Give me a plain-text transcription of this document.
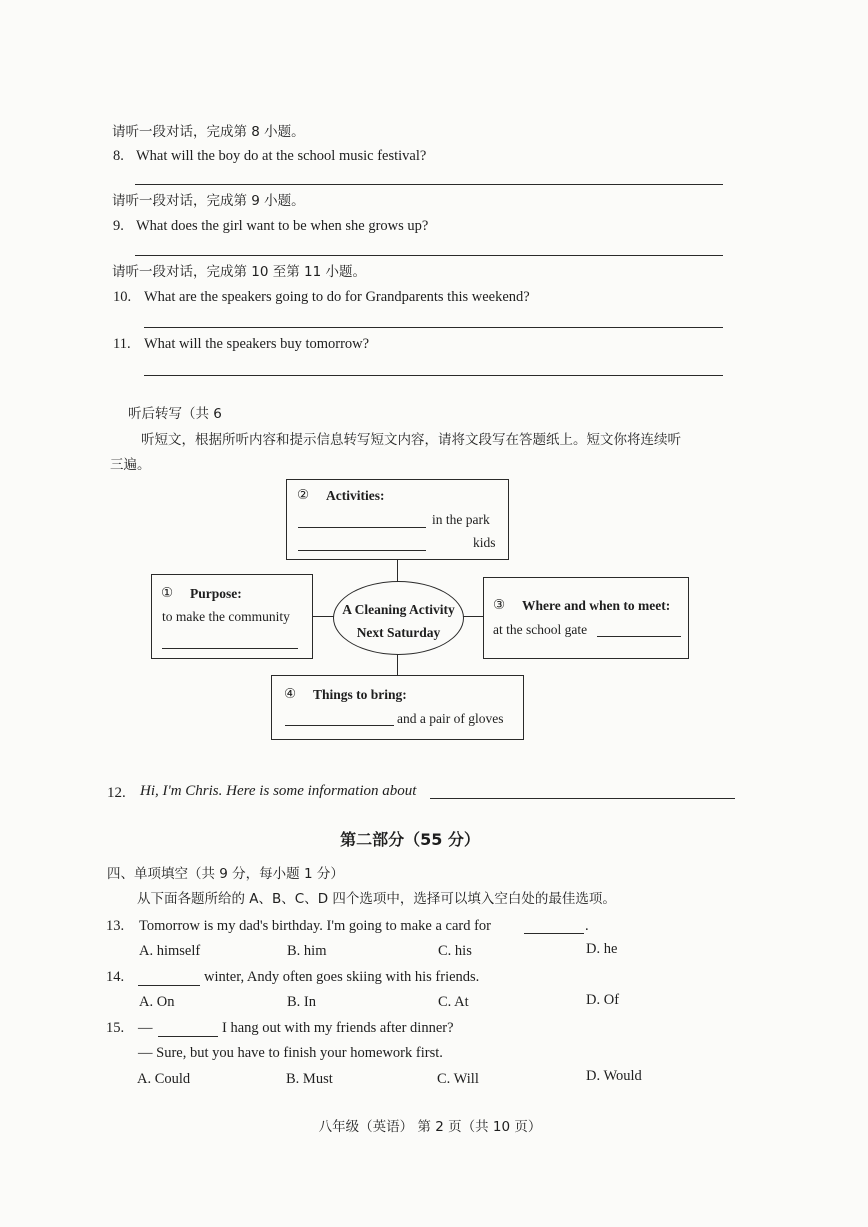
请听一段对话，完成第 8 小题。
8. What will the boy do at the school music festival?
请听一段对话，完成第 9 小题。
9. What does the girl want to be when she grows up?
请听一段对话，完成第 10 至第 11 小题。
10. What are the speakers going to do for Grandparents this weekend?
11. What will the speakers buy tomorrow?
听后转写（共 6
听短文，根据所听内容和提示信息转写短文内容，请将文段写在答题纸上。短文你将连续听
三遍。
② Activities:
in the park
kids
① Purpose:
to make the community	A Cleaning Activity
Next Saturday
③ Where and when to meet:
at the school gate
④ Things to bring:
and a pair of gloves
12. Hi, I'm Chris. Here is some information about
第二部分（55 分）
四、单项填空（共 9 分，每小题 1 分）
从下面各题所给的 A、B、C、D 四个选项中，选择可以填入空白处的最佳选项。
13. Tomorrow is my dad's birthday. I'm going to make a card for	.
A. himself	B. him	C. his	D. he
14.	winter, Andy often goes skiing with his friends.
A. On	B. In	C. At	D. Of
15. —	I hang out with my friends after dinner?
— Sure, but you have to finish your homework first.
A. Could	B. Must	C. Will	D. Would
八年级（英语） 第 2 页（共 10 页）
